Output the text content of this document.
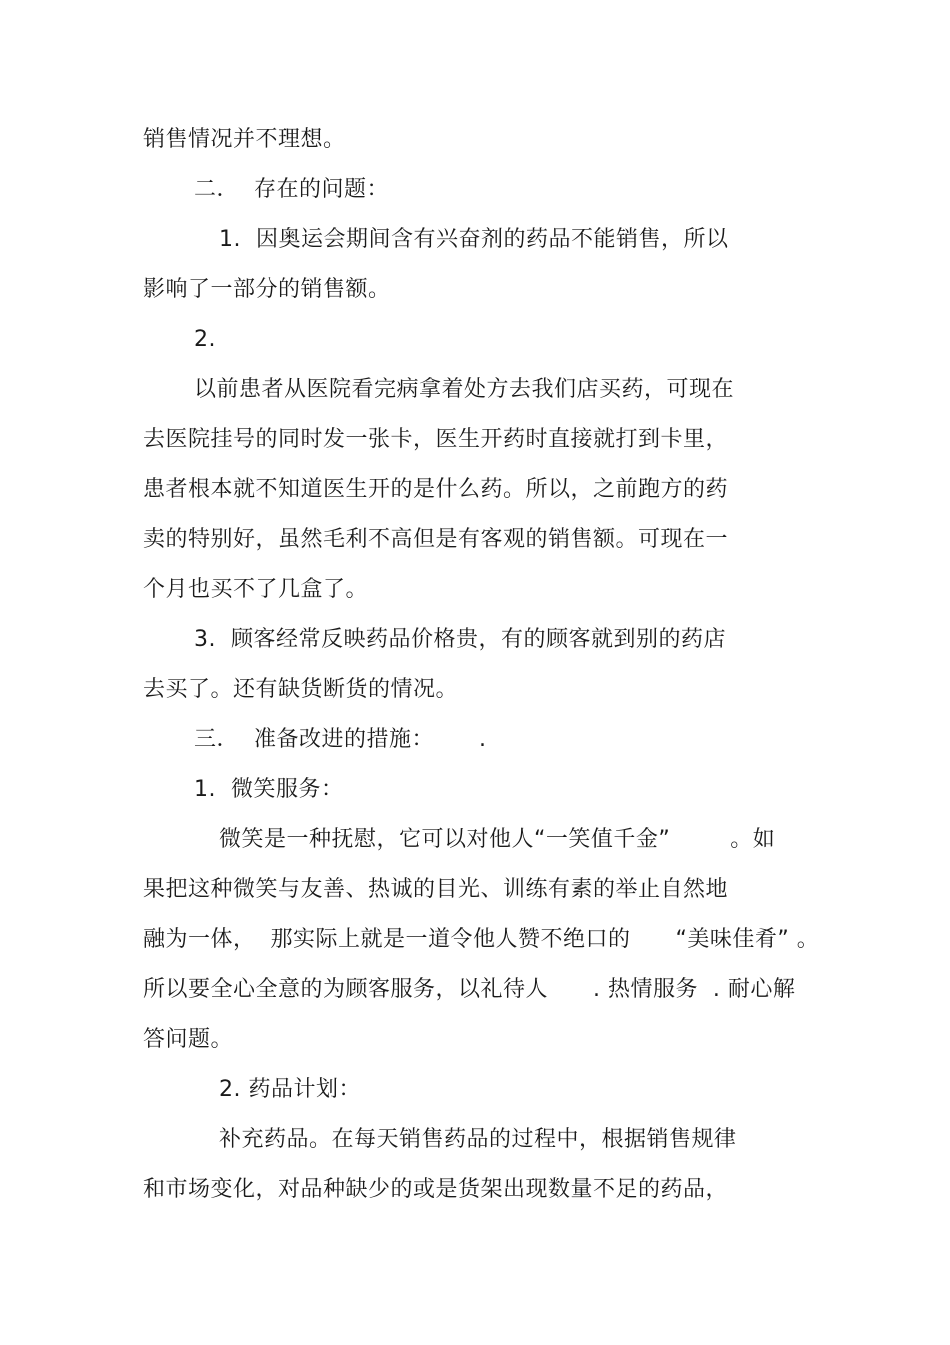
销售情况并不理想。
二．  存在的问题：
1.  因奥运会期间含有兴奋剂的药品不能销售，所以
影响了一部分的销售额。
2.
以前患者从医院看完病拿着处方去我们店买药，可现在
去医院挂号的同时发一张卡，医生开药时直接就打到卡里，
患者根本就不知道医生开的是什么药。所以，之前跑方的药
卖的特别好，虽然毛利不高但是有客观的销售额。可现在一
个月也买不了几盒了。
3.  顾客经常反映药品价格贵，有的顾客就到别的药店
去买了。还有缺货断货的情况。
三．  准备改进的措施：      .
1.  微笑服务：
微笑是一种抚慰，它可以对他人“一笑值千金”        。如
果把这种微笑与友善、热诚的目光、训练有素的举止自然地
融为一体，  那实际上就是一道令他人赞不绝口的      “美味佳肴” 。
所以要全心全意的为顾客服务，以礼待人      . 热情服务  . 耐心解
答问题。
2. 药品计划：
补充药品。在每天销售药品的过程中，根据销售规律
和市场变化，对品种缺少的或是货架出现数量不足的药品，
